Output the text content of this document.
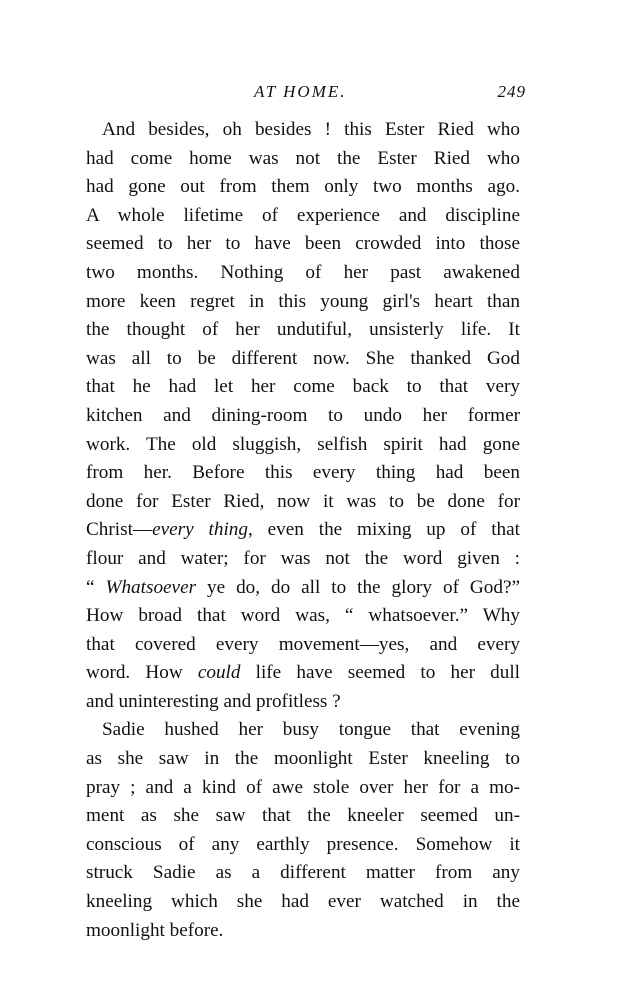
AT HOME.	249
And besides, oh besides ! this Ester Ried who
had come home was not the Ester Ried who
had gone out from them only two months ago.
A whole lifetime of experience and discipline
seemed to her to have been crowded into those
two months. Nothing of her past awakened
more keen regret in this young girl's heart than
the thought of her undutiful, unsisterly life. It
was all to be different now. She thanked God
that he had let her come back to that very
kitchen and dining-room to undo her former
work. The old sluggish, selfish spirit had gone
from her. Before this every thing had been
done for Ester Ried, now it was to be done for
Christ—every thing, even the mixing up of that
flour and water; for was not the word given :
“ Whatsoever ye do, do all to the glory of God?”
How broad that word was, “ whatsoever.” Why
that covered every movement—yes, and every
word. How could life have seemed to her dull
and uninteresting and profitless ?
Sadie hushed her busy tongue that evening
as she saw in the moonlight Ester kneeling to
pray ; and a kind of awe stole over her for a mo-
ment as she saw that the kneeler seemed un-
conscious of any earthly presence. Somehow it
struck Sadie as a different matter from any
kneeling which she had ever watched in the
moonlight before.
